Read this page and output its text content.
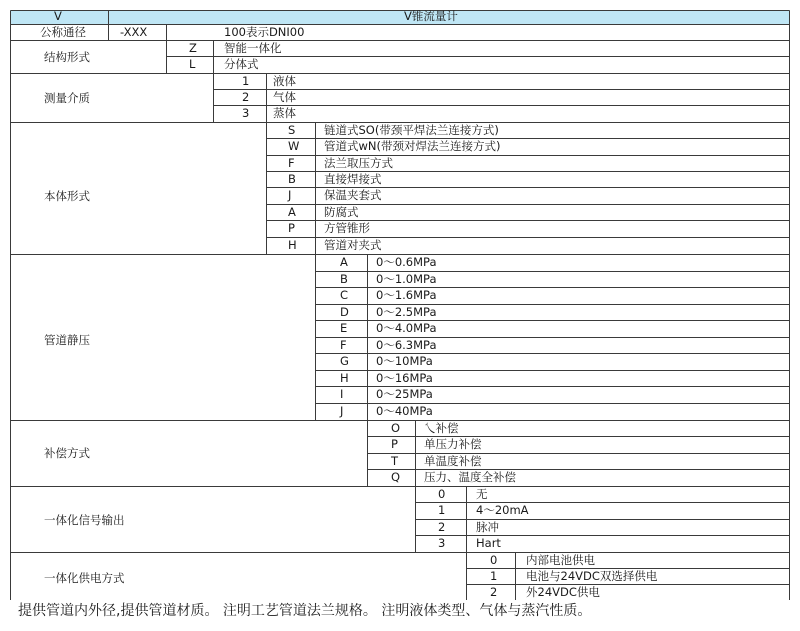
V	V锥流量计
公称通径	-XXX	100表示DNI00
结构形式
Z 智能一体化
L 分体式
测量介质
1 液体
2 气体
3 蒸体
本体形式
S 链道式SO(带颈平焊法兰连接方式)
W 管道式wN(带颈对焊法兰连接方式)
F	法兰取压方式
B 直接焊接式
J	保温夹套式
A 防腐式
P	方管锥形
H 管道对夹式
管道静压
A 0～0.6MPa
B 0～1.0MPa
C 0～1.6MPa
D 0～2.5MPa
E 0～4.0MPa
F	0～6.3MPa
G 0～10MPa
H 0～16MPa
I	0～25MPa
J	0～40MPa
补偿方式
O 乀补偿
P 单压力补偿
T 单温度补偿
Q 压力、温度全补偿
一体化信号输出
0	无
1	4～20mA
2	脉冲
3	Hart
一体化供电方式
0 内部电池供电
1 电池与24VDC双选择供电
2 外24VDC供电
提供管道内外径,提供管道材质。 注明工艺管道法兰规格。 注明液体类型、气体与蒸汽性质。
